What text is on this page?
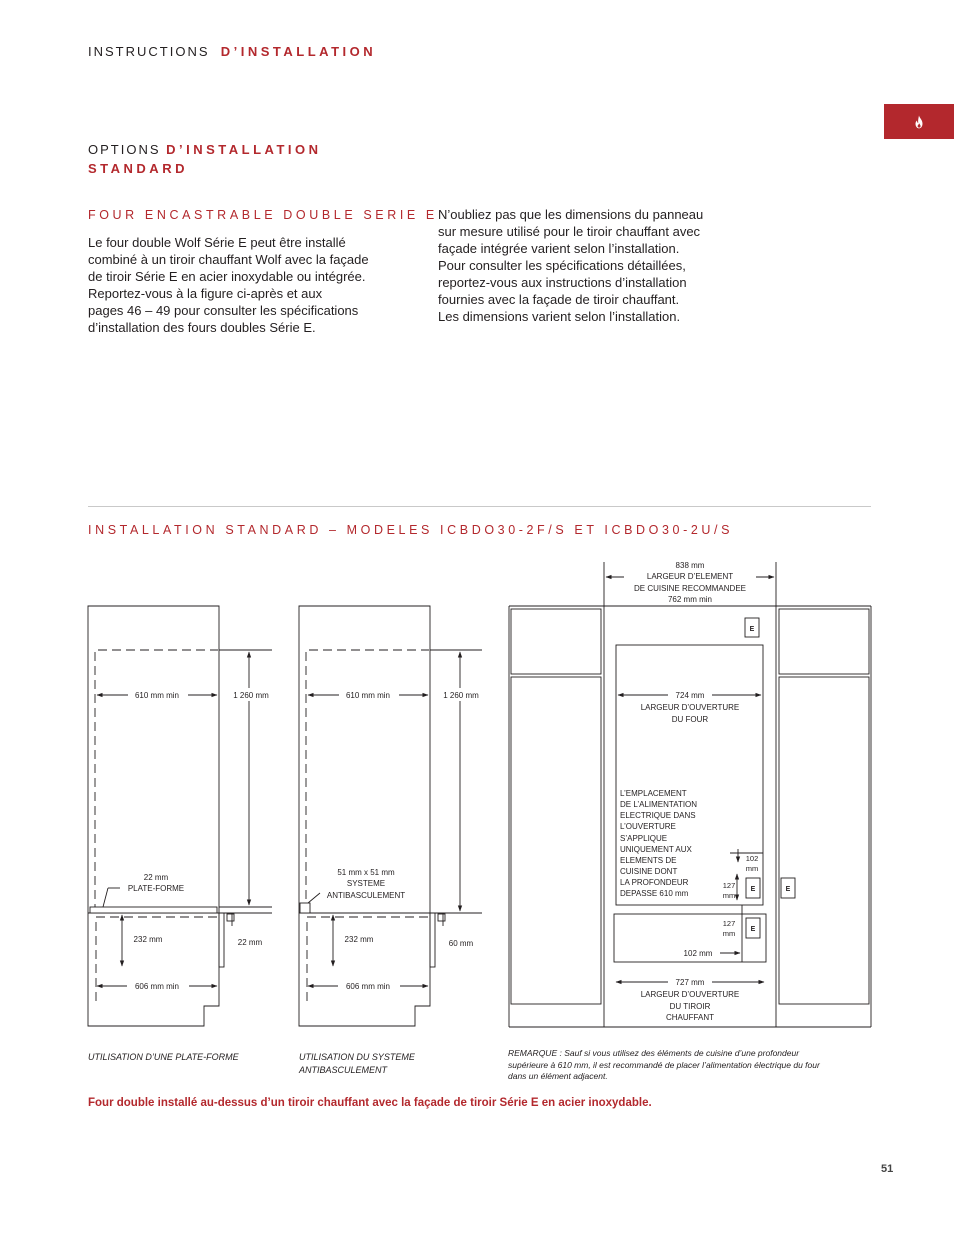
INSTRUCTIONS D’INSTALLATION
OPTIONS D’INSTALLATION
STANDARD
FOUR ENCASTRABLE DOUBLE SERIE E
Le four double Wolf Série E peut être installé
combiné à un tiroir chauffant Wolf avec la façade
de tiroir Série E en acier inoxydable ou intégrée.
Reportez-vous à la figure ci-après et aux
pages 46 – 49 pour consulter les spécifications
d’installation des fours doubles Série E.
N’oubliez pas que les dimensions du panneau
sur mesure utilisé pour le tiroir chauffant avec
façade intégrée varient selon l’installation.
Pour consulter les spécifications détaillées,
reportez-vous aux instructions d’installation
fournies avec la façade de tiroir chauffant.
Les dimensions varient selon l’installation.
INSTALLATION STANDARD – MODELES ICBDO30-2F/S ET ICBDO30-2U/S
610 mm min	1 260 mm
22 mm
PLATE-FORME
232 mm	22 mm
606 mm min
610 mm min	1 260 mm
51 mm x 51 mm
SYSTEME
ANTIBASCULEMENT
232 mm	60 mm
606 mm min
E
E
E
E
838 mm
LARGEUR D’ELEMENT
DE CUISINE RECOMMANDEE
762 mm min
724 mm
LARGEUR D’OUVERTURE
DU FOUR
L’EMPLACEMENT
DE L’ALIMENTATION
ELECTRIQUE DANS
L’OUVERTURE
S’APPLIQUE
UNIQUEMENT AUX
ELEMENTS DE
CUISINE DONT
LA PROFONDEUR
DEPASSE 610 mm
102
mm
127
mm
127
mm
102 mm
727 mm
LARGEUR D’OUVERTURE
DU TIROIR
CHAUFFANT
UTILISATION D’UNE PLATE-FORME	UTILISATION DU SYSTEME
ANTIBASCULEMENT
REMARQUE : Sauf si vous utilisez des éléments de cuisine d’une profondeur supérieure à 610 mm, il est recommandé de placer l’alimentation électrique du four dans un élément adjacent.
Four double installé au-dessus d’un tiroir chauffant avec la façade de tiroir Série E en acier inoxydable.
51
